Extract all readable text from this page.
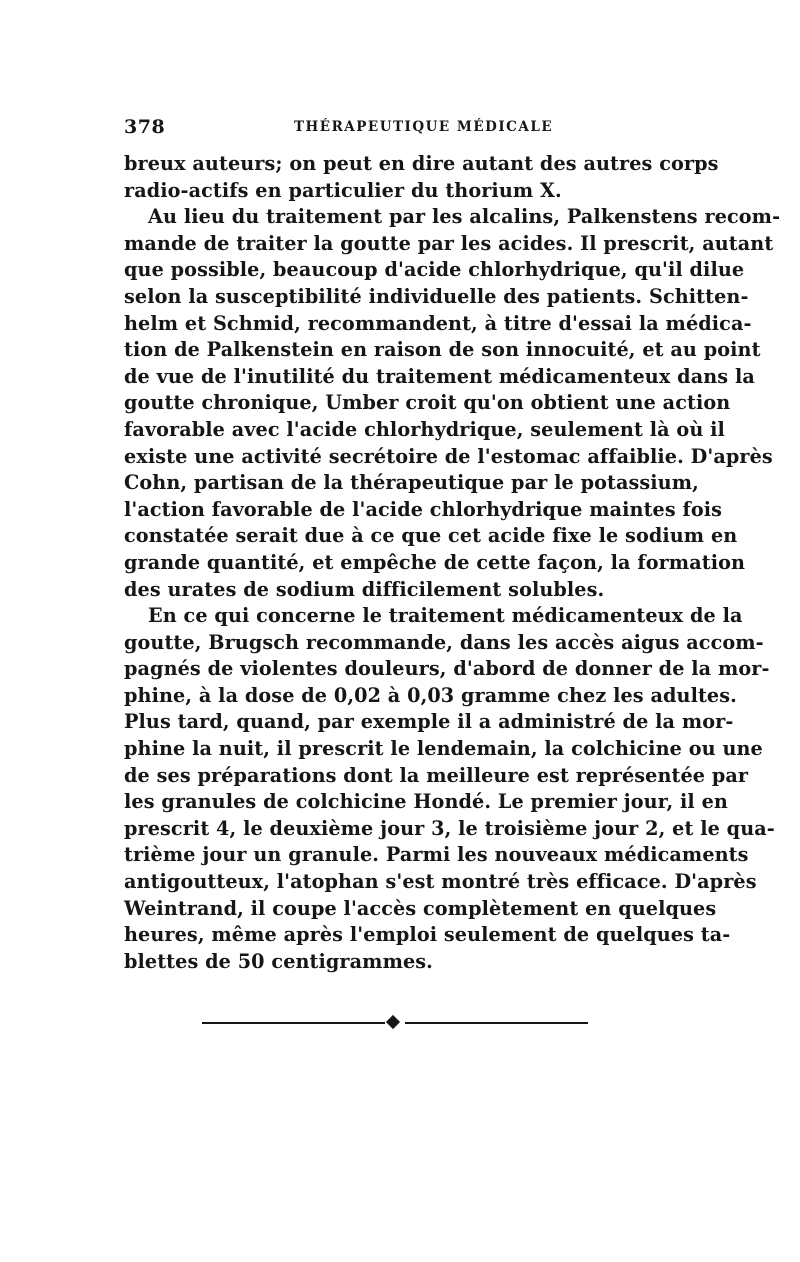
378	THÉRAPEUTIQUE MÉDICALE
breux auteurs; on peut en dire autant des autres corps
radio-actifs en particulier du thorium X.
Au lieu du traitement par les alcalins, Palkenstens recom-
mande de traiter la goutte par les acides. Il prescrit, autant
que possible, beaucoup d'acide chlorhydrique, qu'il dilue
selon la susceptibilité individuelle des patients. Schitten-
helm et Schmid, recommandent, à titre d'essai la médica-
tion de Palkenstein en raison de son innocuité, et au point
de vue de l'inutilité du traitement médicamenteux dans la
goutte chronique, Umber croit qu'on obtient une action
favorable avec l'acide chlorhydrique, seulement là où il
existe une activité secrétoire de l'estomac affaiblie. D'après
Cohn, partisan de la thérapeutique par le potassium,
l'action favorable de l'acide chlorhydrique maintes fois
constatée serait due à ce que cet acide fixe le sodium en
grande quantité, et empêche de cette façon, la formation
des urates de sodium difficilement solubles.
En ce qui concerne le traitement médicamenteux de la
goutte, Brugsch recommande, dans les accès aigus accom-
pagnés de violentes douleurs, d'abord de donner de la mor-
phine, à la dose de 0,02 à 0,03 gramme chez les adultes.
Plus tard, quand, par exemple il a administré de la mor-
phine la nuit, il prescrit le lendemain, la colchicine ou une
de ses préparations dont la meilleure est représentée par
les granules de colchicine Hondé. Le premier jour, il en
prescrit 4, le deuxième jour 3, le troisième jour 2, et le qua-
trième jour un granule. Parmi les nouveaux médicaments
antigoutteux, l'atophan s'est montré très efficace. D'après
Weintrand, il coupe l'accès complètement en quelques
heures, même après l'emploi seulement de quelques ta-
blettes de 50 centigrammes.
